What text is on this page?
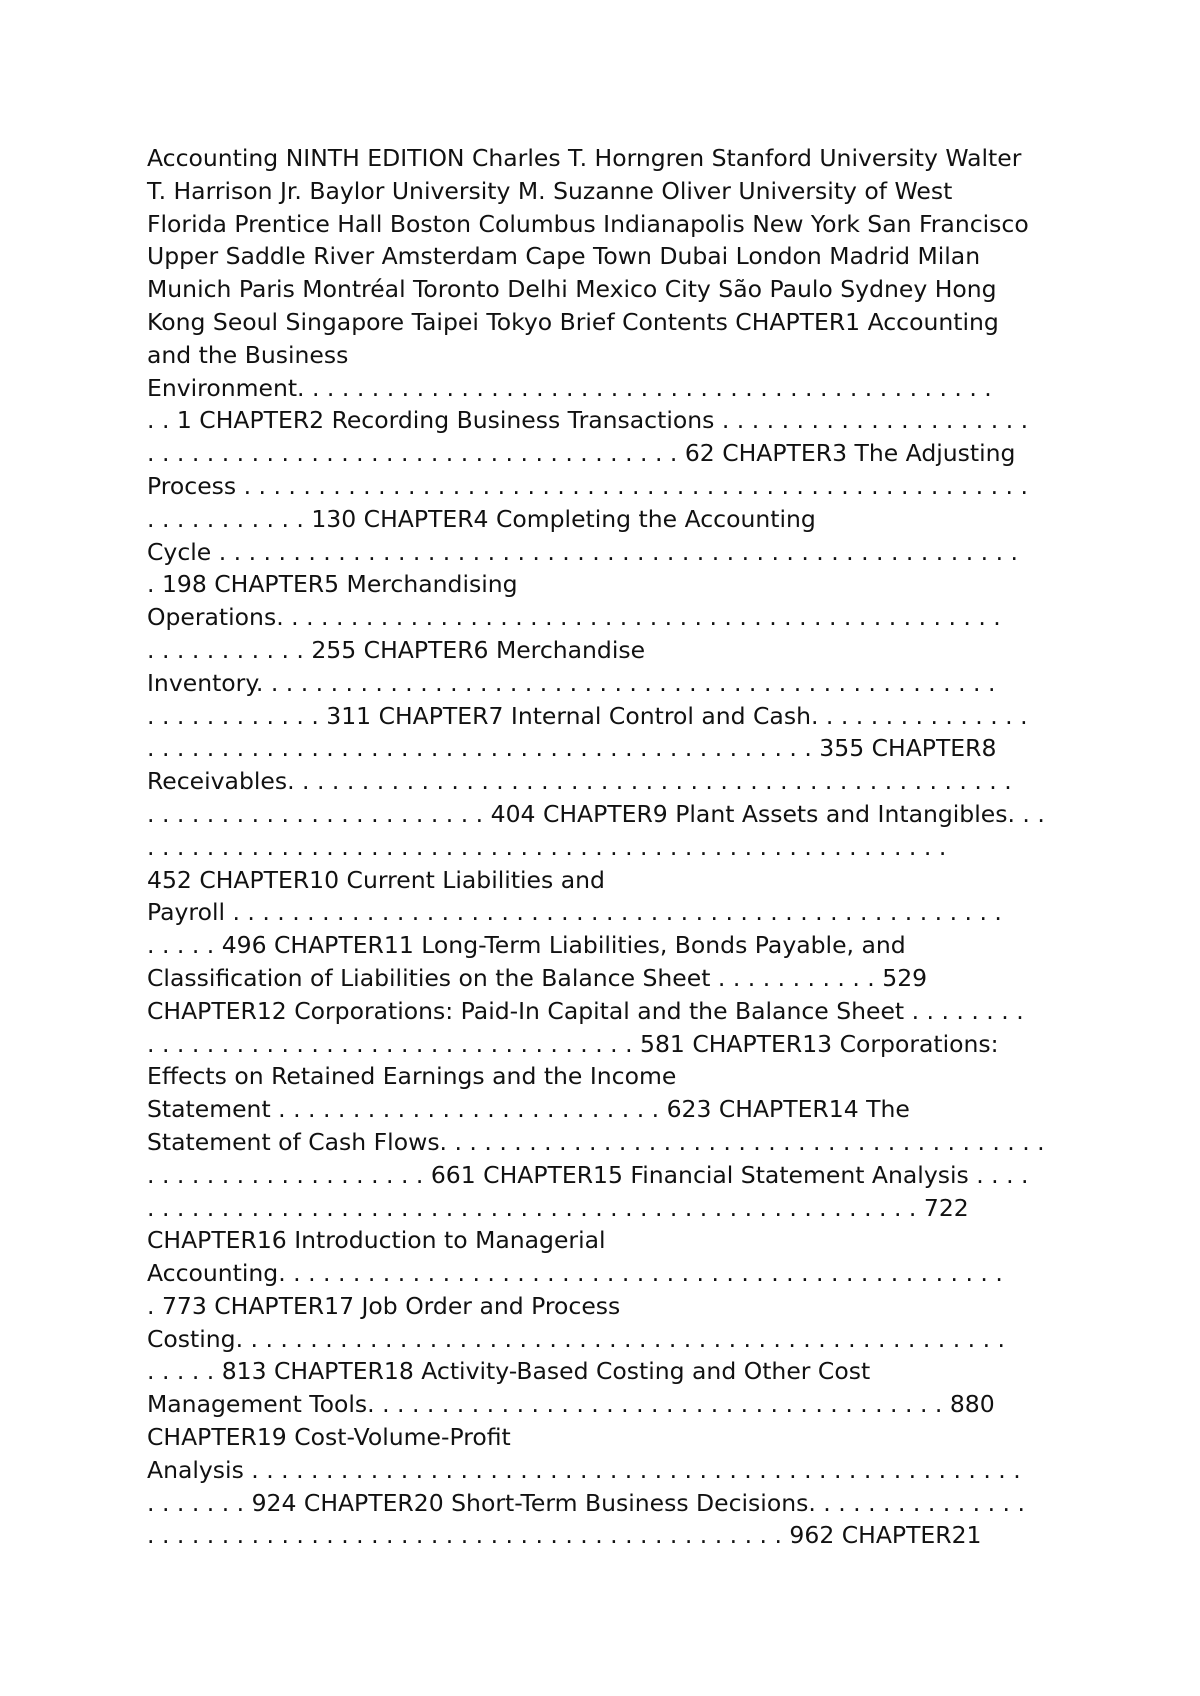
Accounting NINTH EDITION Charles T. Horngren Stanford University Walter
T. Harrison Jr. Baylor University M. Suzanne Oliver University of West
Florida Prentice Hall Boston Columbus Indianapolis New York San Francisco
Upper Saddle River Amsterdam Cape Town Dubai London Madrid Milan
Munich Paris Montréal Toronto Delhi Mexico City São Paulo Sydney Hong
Kong Seoul Singapore Taipei Tokyo Brief Contents CHAPTER1 Accounting
and the Business
Environment. . . . . . . . . . . . . . . . . . . . . . . . . . . . . . . . . . . . . . . . . . . . . . .
. . 1 CHAPTER2 Recording Business Transactions . . . . . . . . . . . . . . . . . . . . .
. . . . . . . . . . . . . . . . . . . . . . . . . . . . . . . . . . . . 62 CHAPTER3 The Adjusting
Process . . . . . . . . . . . . . . . . . . . . . . . . . . . . . . . . . . . . . . . . . . . . . . . . . . . . .
. . . . . . . . . . . 130 CHAPTER4 Completing the Accounting
Cycle . . . . . . . . . . . . . . . . . . . . . . . . . . . . . . . . . . . . . . . . . . . . . . . . . . . . . .
. 198 CHAPTER5 Merchandising
Operations. . . . . . . . . . . . . . . . . . . . . . . . . . . . . . . . . . . . . . . . . . . . . . . . .
. . . . . . . . . . . 255 CHAPTER6 Merchandise
Inventory. . . . . . . . . . . . . . . . . . . . . . . . . . . . . . . . . . . . . . . . . . . . . . . . . .
. . . . . . . . . . . . 311 CHAPTER7 Internal Control and Cash. . . . . . . . . . . . . . .
. . . . . . . . . . . . . . . . . . . . . . . . . . . . . . . . . . . . . . . . . . . . . 355 CHAPTER8
Receivables. . . . . . . . . . . . . . . . . . . . . . . . . . . . . . . . . . . . . . . . . . . . . . . . .
. . . . . . . . . . . . . . . . . . . . . . . 404 CHAPTER9 Plant Assets and Intangibles. . .
. . . . . . . . . . . . . . . . . . . . . . . . . . . . . . . . . . . . . . . . . . . . . . . . . . . . . .
452 CHAPTER10 Current Liabilities and
Payroll . . . . . . . . . . . . . . . . . . . . . . . . . . . . . . . . . . . . . . . . . . . . . . . . . . . .
. . . . . 496 CHAPTER11 Long-Term Liabilities, Bonds Payable, and
Classification of Liabilities on the Balance Sheet . . . . . . . . . . . 529
CHAPTER12 Corporations: Paid-In Capital and the Balance Sheet . . . . . . . .
. . . . . . . . . . . . . . . . . . . . . . . . . . . . . . . . . 581 CHAPTER13 Corporations:
Effects on Retained Earnings and the Income
Statement . . . . . . . . . . . . . . . . . . . . . . . . . . 623 CHAPTER14 The
Statement of Cash Flows. . . . . . . . . . . . . . . . . . . . . . . . . . . . . . . . . . . . . . . . .
. . . . . . . . . . . . . . . . . . . 661 CHAPTER15 Financial Statement Analysis . . . .
. . . . . . . . . . . . . . . . . . . . . . . . . . . . . . . . . . . . . . . . . . . . . . . . . . . . 722
CHAPTER16 Introduction to Managerial
Accounting. . . . . . . . . . . . . . . . . . . . . . . . . . . . . . . . . . . . . . . . . . . . . . . . .
. 773 CHAPTER17 Job Order and Process
Costing. . . . . . . . . . . . . . . . . . . . . . . . . . . . . . . . . . . . . . . . . . . . . . . . . . . .
. . . . . 813 CHAPTER18 Activity-Based Costing and Other Cost
Management Tools. . . . . . . . . . . . . . . . . . . . . . . . . . . . . . . . . . . . . . . 880
CHAPTER19 Cost-Volume-Profit
Analysis . . . . . . . . . . . . . . . . . . . . . . . . . . . . . . . . . . . . . . . . . . . . . . . . . . . .
. . . . . . . 924 CHAPTER20 Short-Term Business Decisions. . . . . . . . . . . . . . .
. . . . . . . . . . . . . . . . . . . . . . . . . . . . . . . . . . . . . . . . . . . 962 CHAPTER21
